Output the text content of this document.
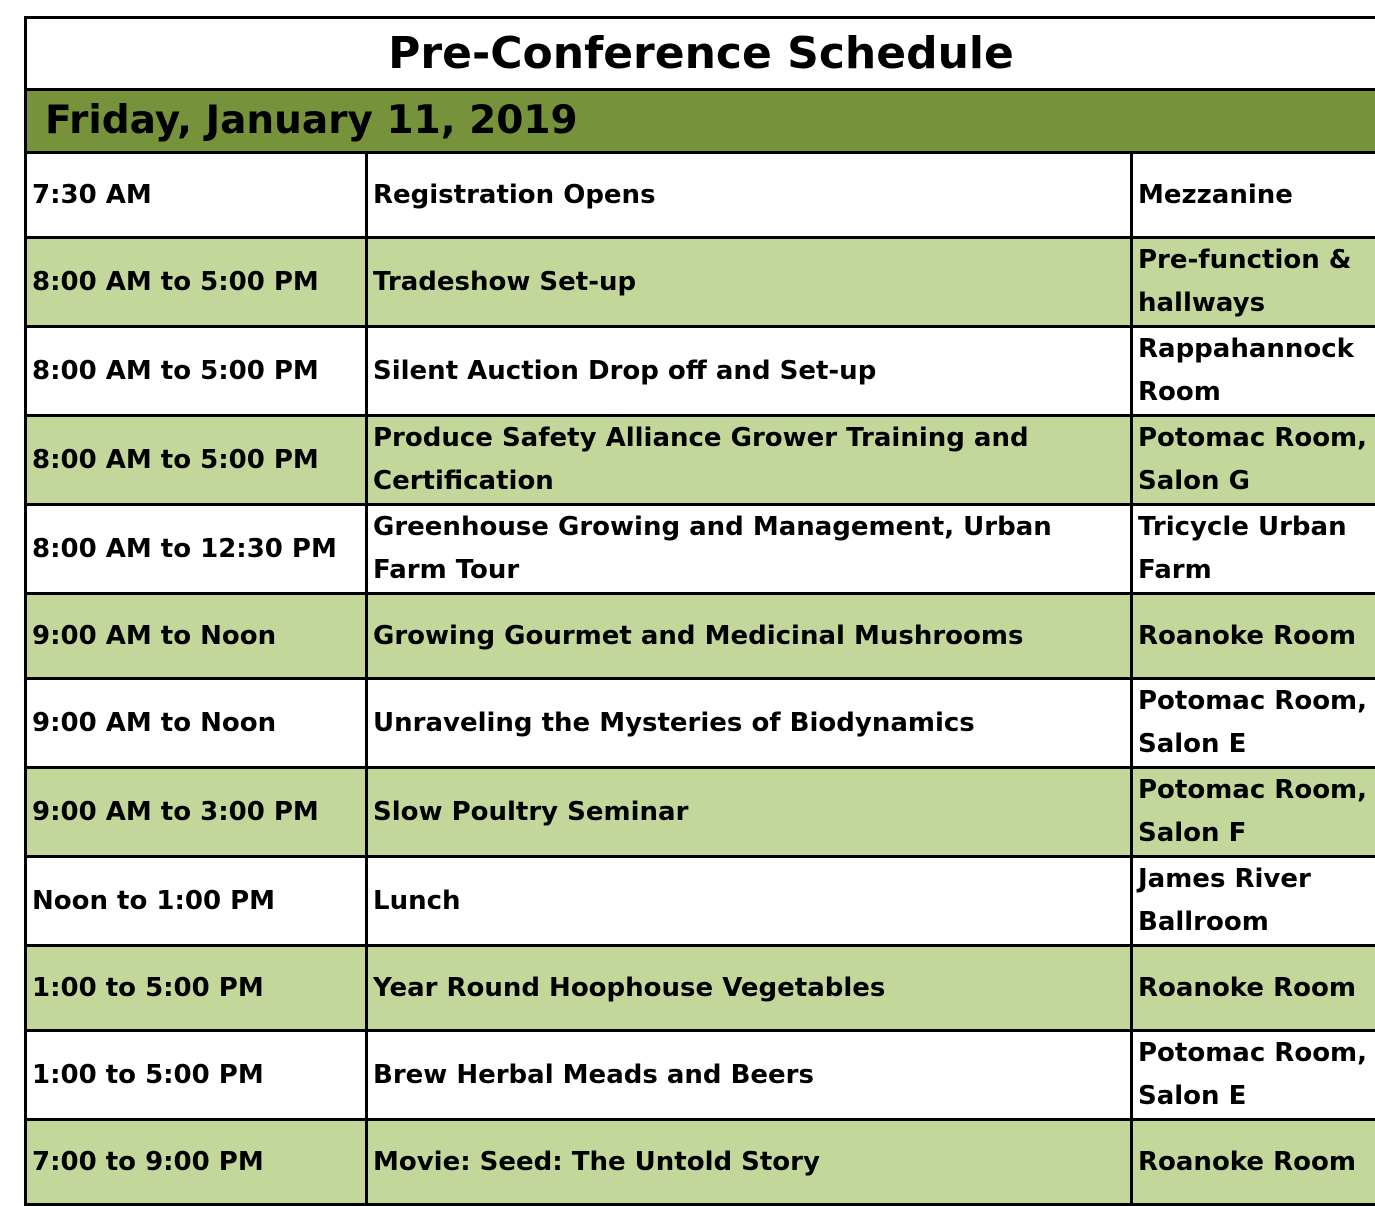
Pre-Conference Schedule		
Friday, January 11, 2019		
7:30 AM	Registration Opens	Mezzanine
8:00 AM to 5:00 PM	Tradeshow Set-up	Pre-function & hallways
8:00 AM to 5:00 PM	Silent Auction Drop off and Set-up	Rappahannock Room
8:00 AM to 5:00 PM	Produce Safety Alliance Grower Training and Certification	Potomac Room, Salon G
8:00 AM to 12:30 PM	Greenhouse Growing and Management, Urban Farm Tour	Tricycle Urban Farm
9:00 AM to Noon	Growing Gourmet and Medicinal Mushrooms	Roanoke Room
9:00 AM to Noon	Unraveling the Mysteries of Biodynamics	Potomac Room, Salon E
9:00 AM to 3:00 PM	Slow Poultry Seminar	Potomac Room, Salon F
Noon to 1:00 PM	Lunch	James River Ballroom
1:00 to 5:00 PM	Year Round Hoophouse Vegetables	Roanoke Room
1:00 to 5:00 PM	Brew Herbal Meads and Beers	Potomac Room, Salon E
7:00 to 9:00 PM	Movie: Seed: The Untold Story	Roanoke Room
